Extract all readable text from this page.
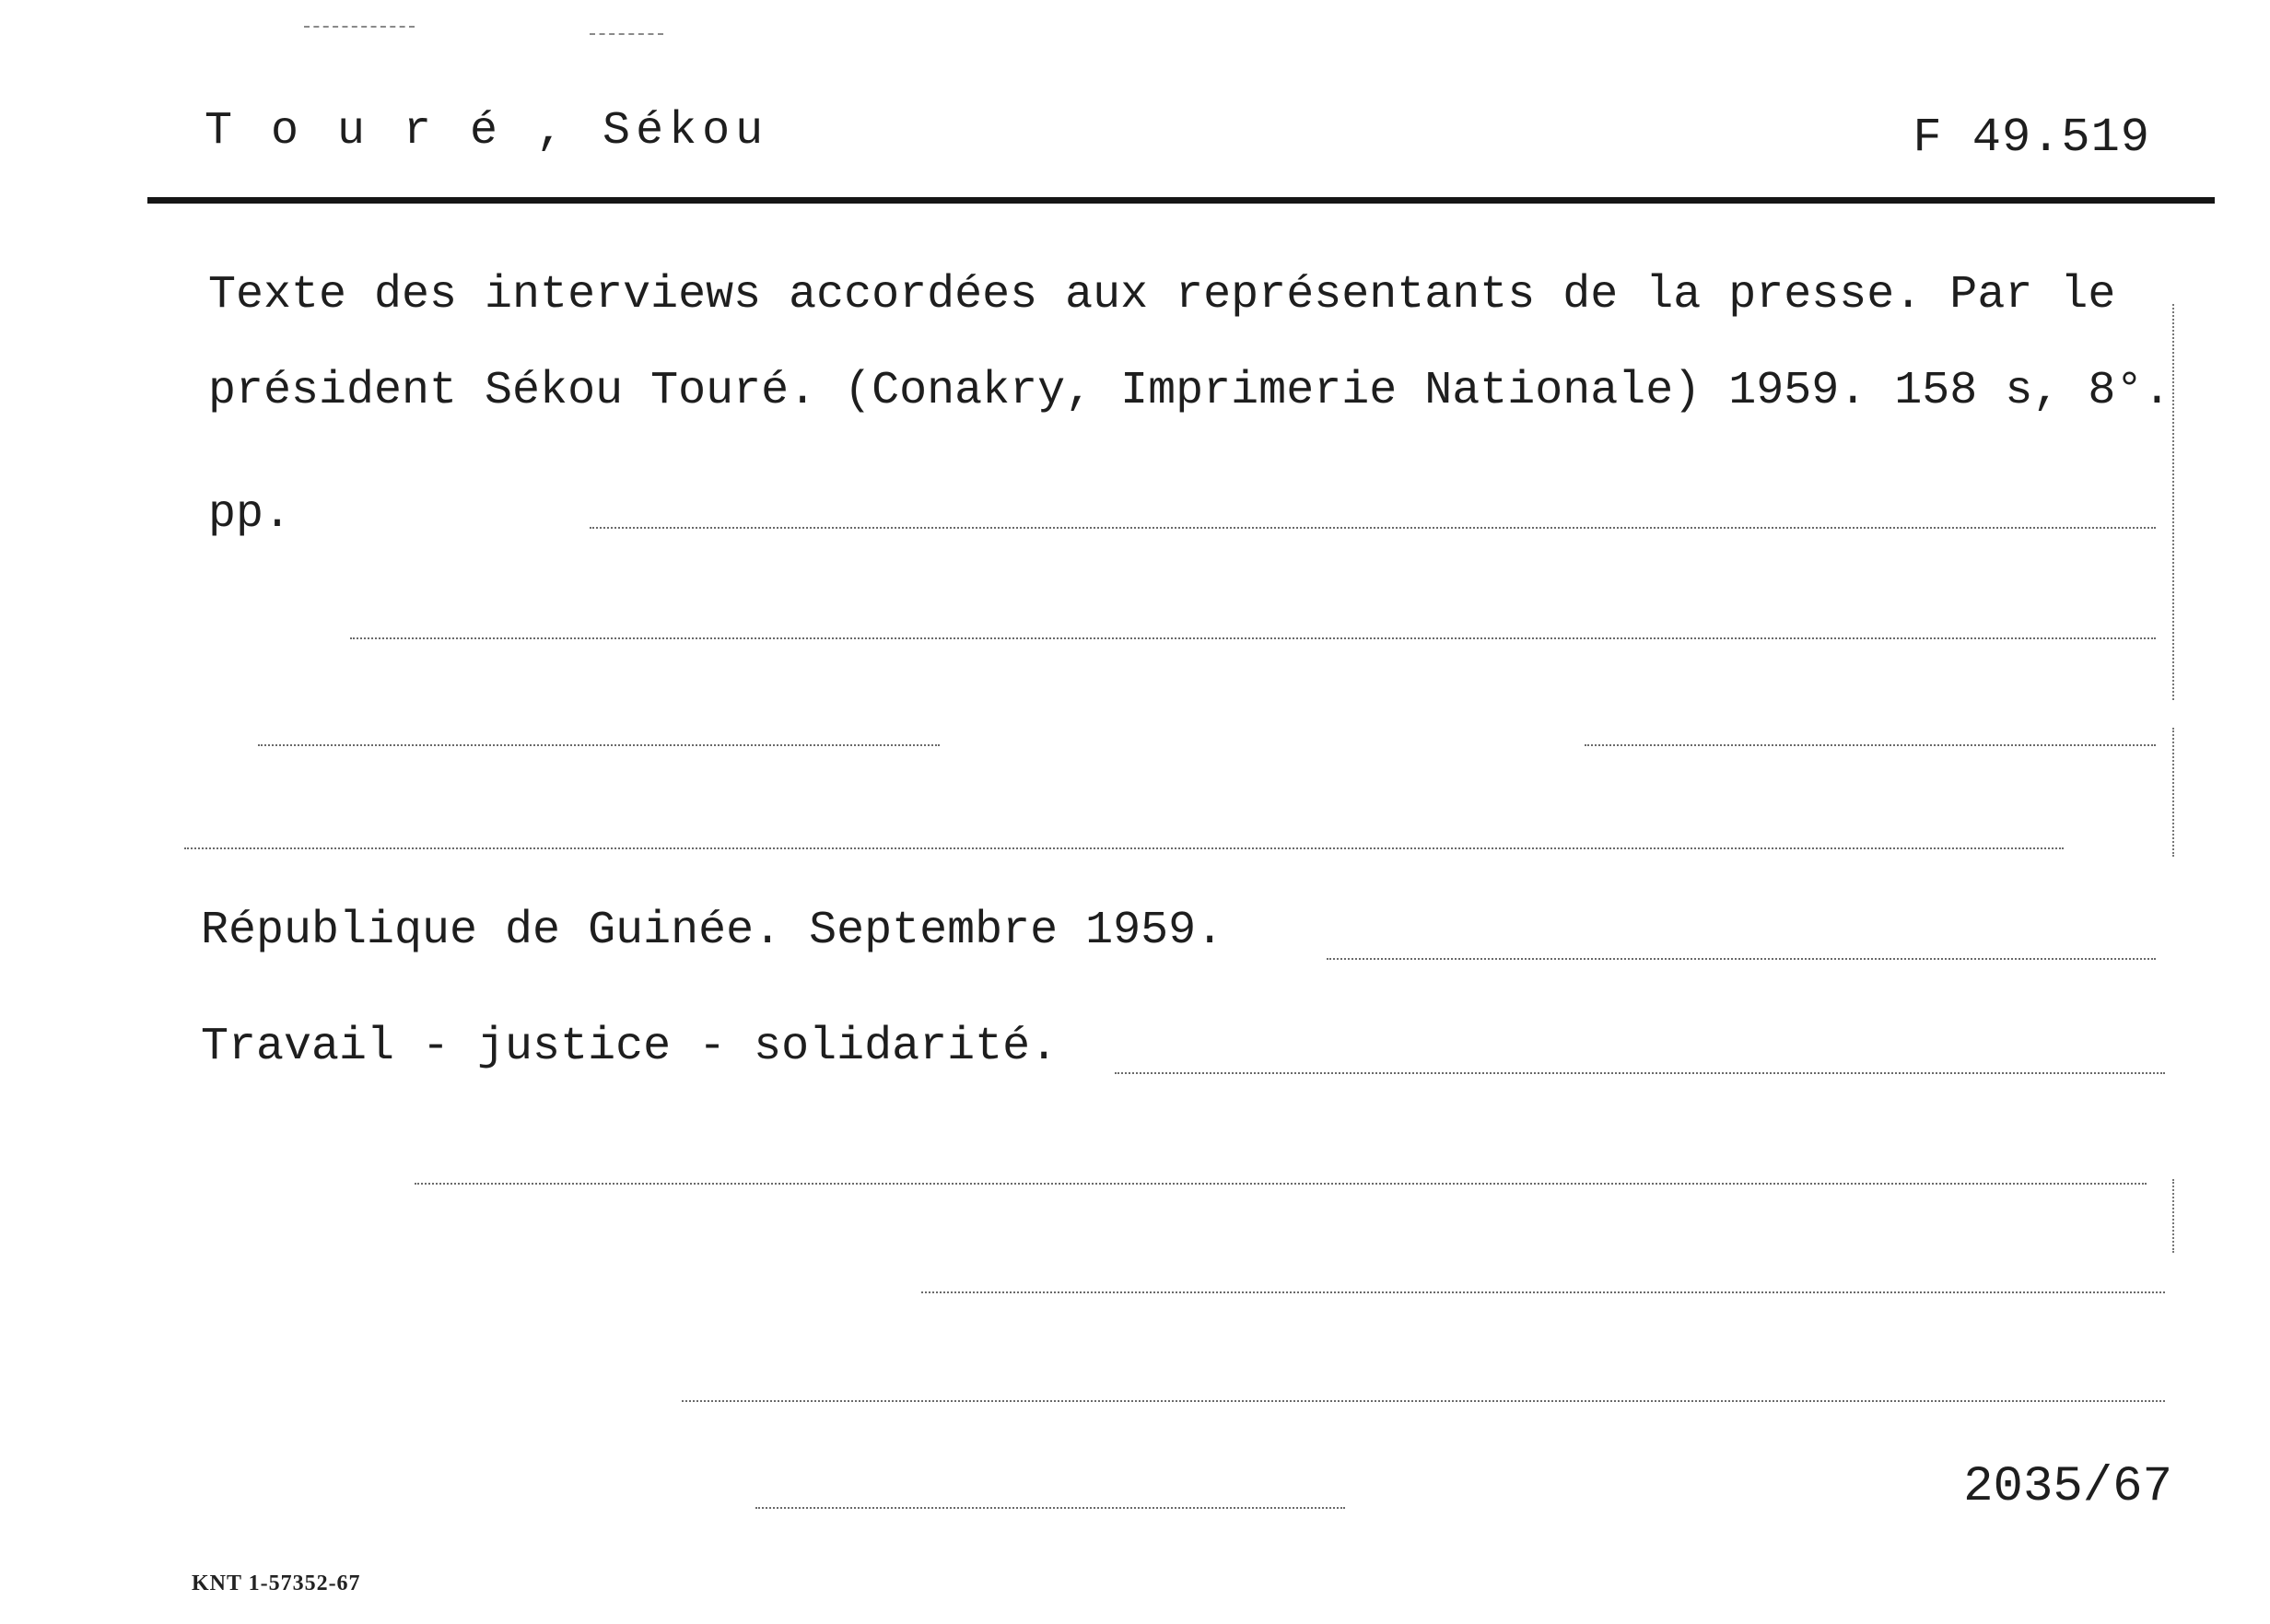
T o u r é , Sékou	F 49.519
Texte des interviews accordées aux représentants de la presse. Par le
président Sékou Touré. (Conakry, Imprimerie Nationale) 1959. 158 s, 8°.
pp.
République de Guinée. Septembre 1959.
Travail - justice - solidarité.
2035/67
KNT 1-57352-67
